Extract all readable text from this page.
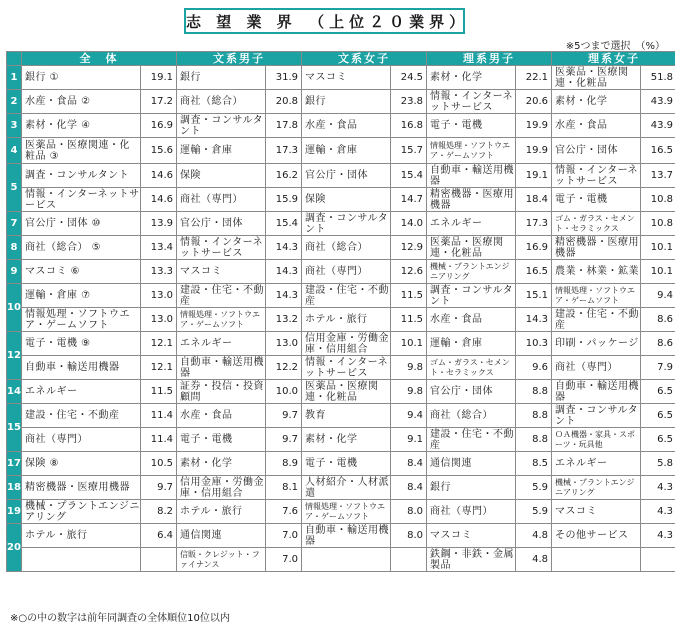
志 望 業 界　（上位２０業界）
※5つまで選択　（%）
	全　体		文系男子		文系女子		理系男子		理系女子	
1	銀行 ①	19.1	銀行	31.9	マスコミ	24.5	素材・化学	22.1	医薬品・医療関連・化粧品	51.8
2	水産・食品 ②	17.2	商社（総合）	20.8	銀行	23.8	情報・インターネットサービス	20.6	素材・化学	43.9
3	素材・化学 ④	16.9	調査・コンサルタント	17.8	水産・食品	16.8	電子・電機	19.9	水産・食品	43.9
4	医薬品・医療関連・化粧品 ③	15.6	運輸・倉庫	17.3	運輸・倉庫	15.7	情報処理・ソフトウエア・ゲームソフト	19.9	官公庁・団体	16.5
5	調査・コンサルタント	14.6	保険	16.2	官公庁・団体	15.4	自動車・輸送用機器	19.1	情報・インターネットサービス	13.7
	情報・インターネットサービス	14.6	商社（専門）	15.9	保険	14.7	精密機器・医療用機器	18.4	電子・電機	10.8
7	官公庁・団体 ⑩	13.9	官公庁・団体	15.4	調査・コンサルタント	14.0	エネルギー	17.3	ゴム・ガラス・セメント・セラミックス	10.8
8	商社（総合） ⑤	13.4	情報・インターネットサービス	14.3	商社（総合）	12.9	医薬品・医療関連・化粧品	16.9	精密機器・医療用機器	10.1
9	マスコミ ⑥	13.3	マスコミ	14.3	商社（専門）	12.6	機械・プラントエンジニアリング	16.5	農業・林業・鉱業	10.1
10	運輸・倉庫 ⑦	13.0	建設・住宅・不動産	14.3	建設・住宅・不動産	11.5	調査・コンサルタント	15.1	情報処理・ソフトウエア・ゲームソフト	9.4
	情報処理・ソフトウエア・ゲームソフト	13.0	情報処理・ソフトウエア・ゲームソフト	13.2	ホテル・旅行	11.5	水産・食品	14.3	建設・住宅・不動産	8.6
12	電子・電機 ⑨	12.1	エネルギー	13.0	信用金庫・労働金庫・信用組合	10.1	運輸・倉庫	10.3	印刷・パッケージ	8.6
	自動車・輸送用機器	12.1	自動車・輸送用機器	12.2	情報・インターネットサービス	9.8	ゴム・ガラス・セメント・セラミックス	9.6	商社（専門）	7.9
14	エネルギー	11.5	証券・投信・投資顧問	10.0	医薬品・医療関連・化粧品	9.8	官公庁・団体	8.8	自動車・輸送用機器	6.5
15	建設・住宅・不動産	11.4	水産・食品	9.7	教育	9.4	商社（総合）	8.8	調査・コンサルタント	6.5
	商社（専門）	11.4	電子・電機	9.7	素材・化学	9.1	建設・住宅・不動産	8.8	ＯＡ機器・家具・スポーツ・玩具他	6.5
17	保険 ⑧	10.5	素材・化学	8.9	電子・電機	8.4	通信関連	8.5	エネルギー	5.8
18	精密機器・医療用機器	9.7	信用金庫・労働金庫・信用組合	8.1	人材紹介・人材派遣	8.4	銀行	5.9	機械・プラントエンジニアリング	4.3
19	機械・プラントエンジニアリング	8.2	ホテル・旅行	7.6	情報処理・ソフトウエア・ゲームソフト	8.0	商社（専門）	5.9	マスコミ	4.3
20	ホテル・旅行	6.4	通信関連	7.0	自動車・輸送用機器	8.0	マスコミ	4.8	その他サービス	4.3
			信販・クレジット・ファイナンス	7.0			鉄鋼・非鉄・金属製品	4.8		
※○の中の数字は前年同調査の全体順位10位以内
